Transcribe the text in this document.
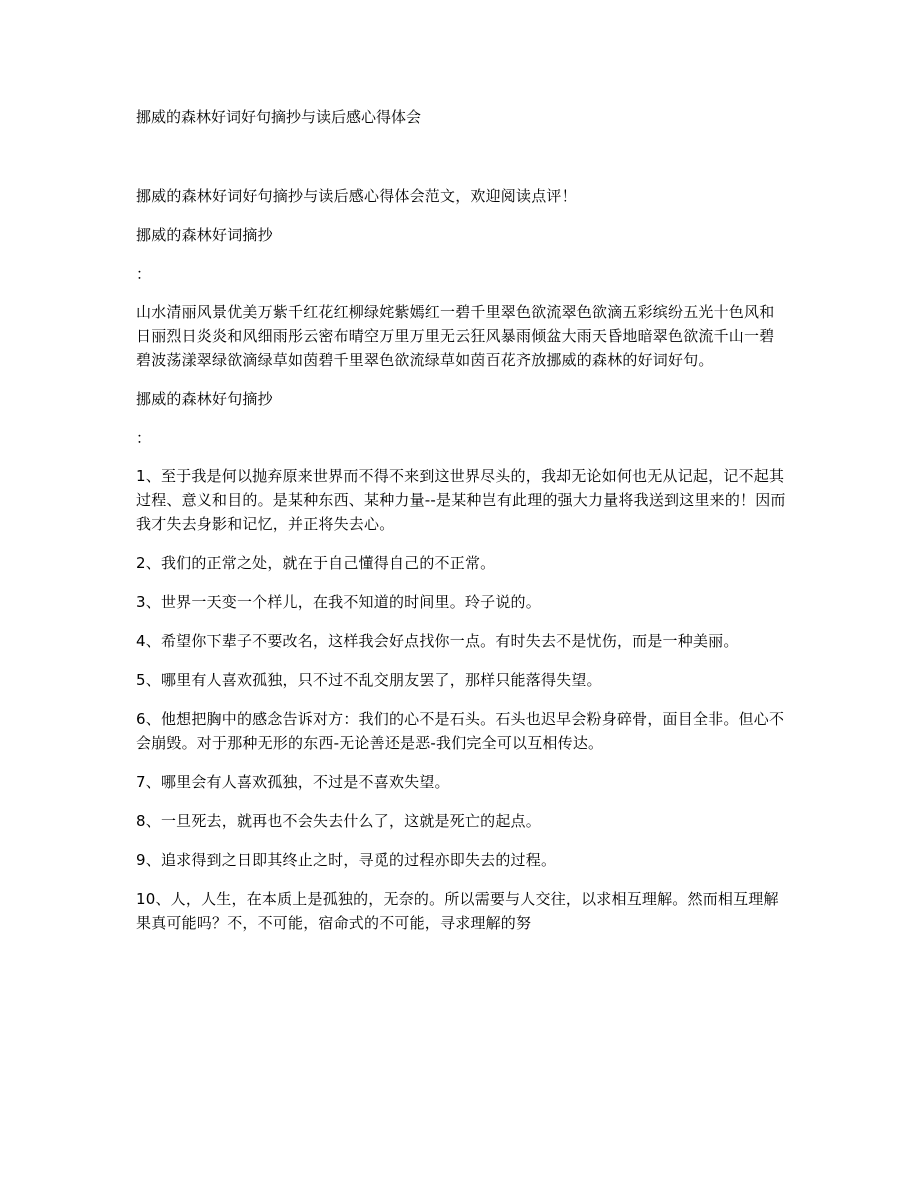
挪威的森林好词好句摘抄与读后感心得体会

挪威的森林好词好句摘抄与读后感心得体会范文，欢迎阅读点评！

挪威的森林好词摘抄

：

山水清丽风景优美万紫千红花红柳绿姹紫嫣红一碧千里翠色欲流翠色欲滴五彩缤纷五光十色风和日丽烈日炎炎和风细雨彤云密布晴空万里万里无云狂风暴雨倾盆大雨天昏地暗翠色欲流千山一碧碧波荡漾翠绿欲滴绿草如茵碧千里翠色欲流绿草如茵百花齐放挪威的森林的好词好句。

挪威的森林好句摘抄

：

1、至于我是何以抛弃原来世界而不得不来到这世界尽头的，我却无论如何也无从记起，记不起其过程、意义和目的。是某种东西、某种力量--是某种岂有此理的强大力量将我送到这里来的！因而我才失去身影和记忆，并正将失去心。

2、我们的正常之处，就在于自己懂得自己的不正常。

3、世界一天变一个样儿，在我不知道的时间里。玲子说的。

4、希望你下辈子不要改名，这样我会好点找你一点。有时失去不是忧伤，而是一种美丽。

5、哪里有人喜欢孤独，只不过不乱交朋友罢了，那样只能落得失望。

6、他想把胸中的感念告诉对方：我们的心不是石头。石头也迟早会粉身碎骨，面目全非。但心不会崩毁。对于那种无形的东西-无论善还是恶-我们完全可以互相传达。

7、哪里会有人喜欢孤独，不过是不喜欢失望。

8、一旦死去，就再也不会失去什么了，这就是死亡的起点。

9、追求得到之日即其终止之时，寻觅的过程亦即失去的过程。

10、人，人生，在本质上是孤独的，无奈的。所以需要与人交往，以求相互理解。然而相互理解果真可能吗？不，不可能，宿命式的不可能，寻求理解的努
